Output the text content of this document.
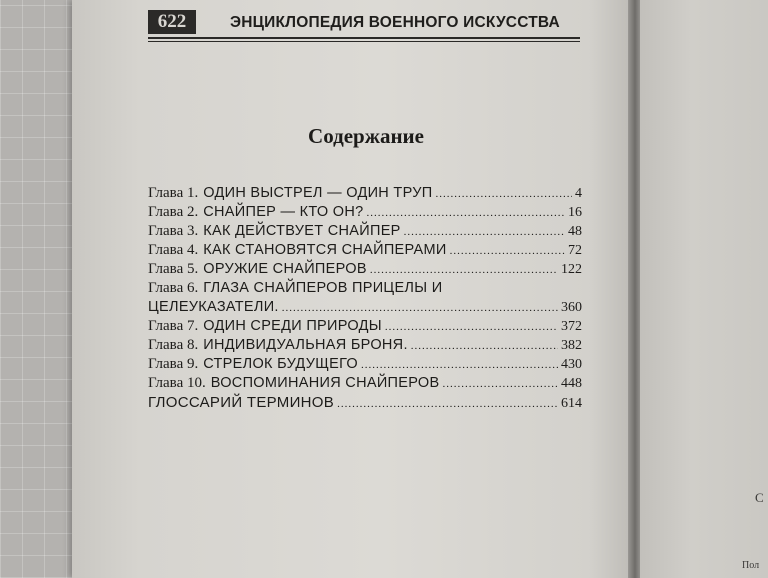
С
Пол
622	ЭНЦИКЛОПЕДИЯ ВОЕННОГО ИСКУССТВА
Содержание
Глава 1. ОДИН ВЫСТРЕЛ — ОДИН ТРУП .....	4
Глава 2. СНАЙПЕР — КТО ОН? .....	16
Глава 3. КАК ДЕЙСТВУЕТ СНАЙПЕР .....	48
Глава 4. КАК СТАНОВЯТСЯ СНАЙПЕРАМИ .....	72
Глава 5. ОРУЖИЕ СНАЙПЕРОВ .....	122
Глава 6. ГЛАЗА СНАЙПЕРОВ ПРИЦЕЛЫ И
ЦЕЛЕУКАЗАТЕЛИ. .....	360
Глава 7. ОДИН СРЕДИ ПРИРОДЫ .....	372
Глава 8. ИНДИВИДУАЛЬНАЯ БРОНЯ. .....	382
Глава 9. СТРЕЛОК БУДУЩЕГО .....	430
Глава 10. ВОСПОМИНАНИЯ СНАЙПЕРОВ .....	448
ГЛОССАРИЙ ТЕРМИНОВ .....	614
